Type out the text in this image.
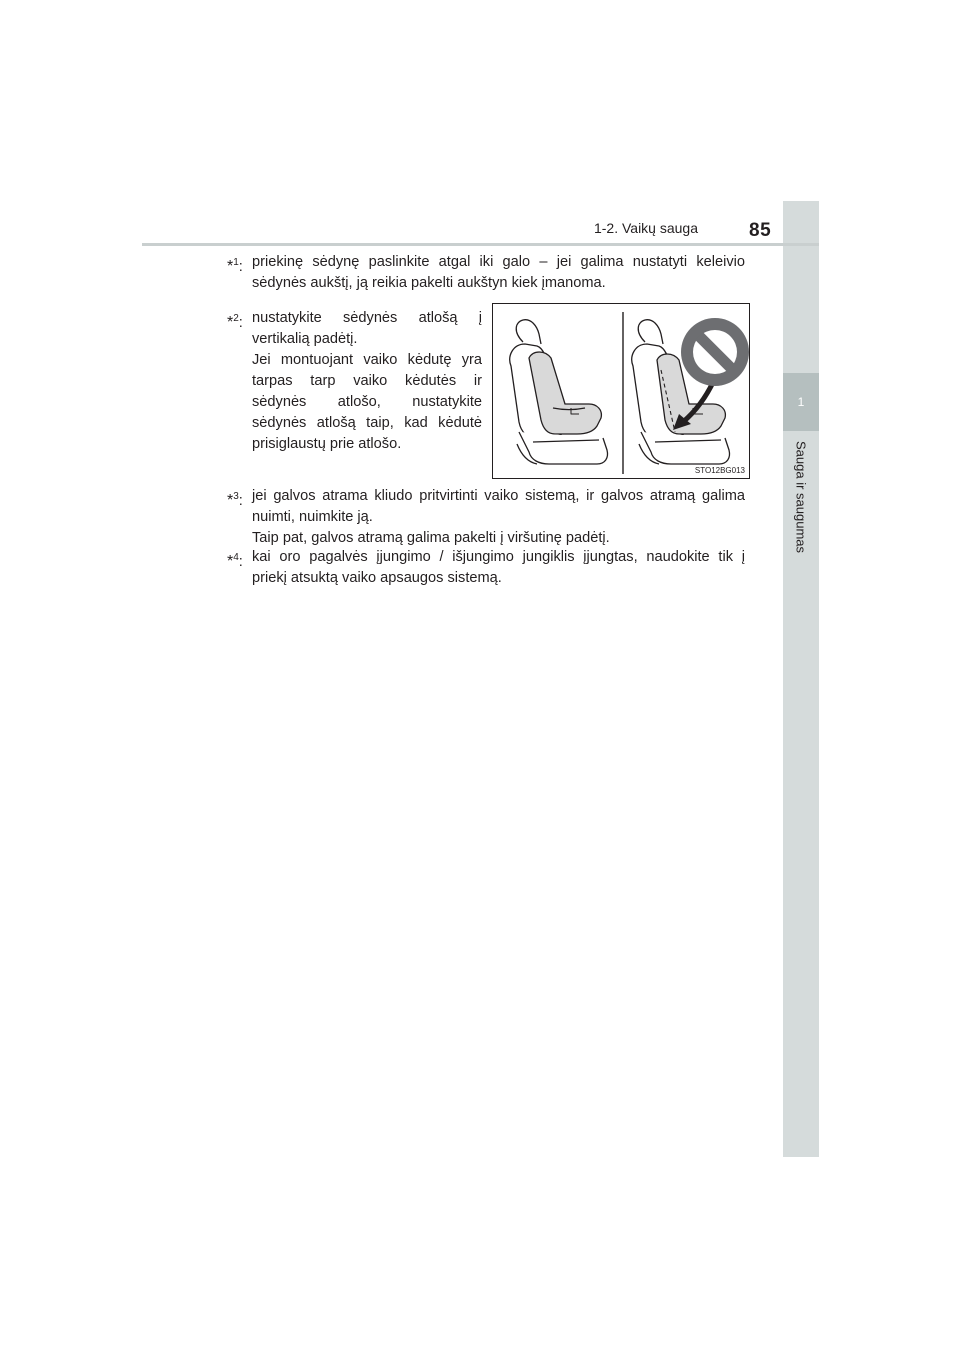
1
Sauga ir saugumas
1-2. Vaikų sauga	85
*$^1$: priekinę sėdynę paslinkite atgal iki galo – jei galima nustatyti keleivio
sėdynės aukštį, ją reikia pakelti aukštyn kiek įmanoma.
*$^2$: nustatykite sėdynės atlošą į
vertikalią padėtį.
Jei montuojant vaiko kėdutę yra
tarpas tarp vaiko kėdutės ir
sėdynės atlošo, nustatykite
sėdynės atlošą taip, kad kėdutė
prisiglaustų prie atlošo.
STO12BG013
*$^3$: jei galvos atrama kliudo pritvirtinti vaiko sistemą, ir galvos atramą galima
nuimti, nuimkite ją.
Taip pat, galvos atramą galima pakelti į viršutinę padėtį.
*$^4$: kai oro pagalvės įjungimo / išjungimo jungiklis įjungtas, naudokite tik į
priekį atsuktą vaiko apsaugos sistemą.
